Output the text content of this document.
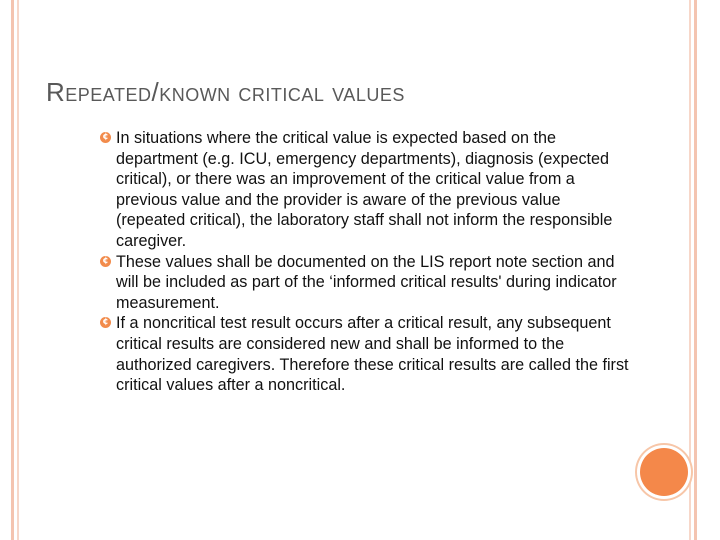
Repeated/known critical values
¢ In situations where the critical value is expected based on the department (e.g. ICU, emergency departments), diagnosis (expected critical), or there was an improvement of the critical value from a previous value and the provider is aware of the previous value (repeated critical), the laboratory staff shall not inform the responsible caregiver.
¢ These values shall be documented on the LIS report note section and will be included as part of the ‘informed critical results' during indicator measurement.
¢ If a noncritical test result occurs after a critical result, any subsequent critical results are considered new and shall be informed to the authorized caregivers. Therefore these critical results are called the first critical values after a noncritical.
